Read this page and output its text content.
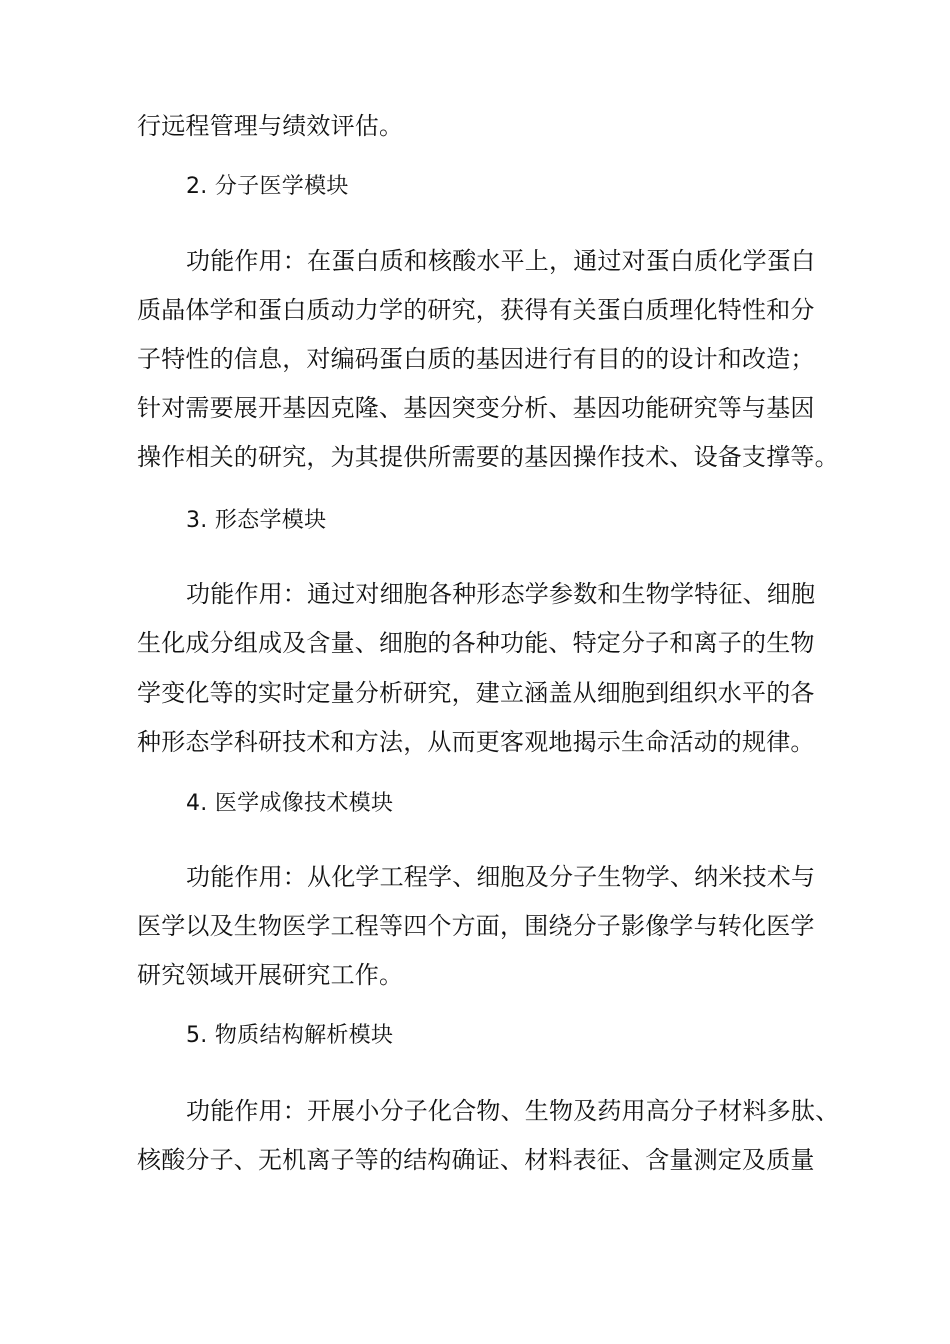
行远程管理与绩效评估。
2. 分子医学模块
功能作用：在蛋白质和核酸水平上，通过对蛋白质化学蛋白
质晶体学和蛋白质动力学的研究，获得有关蛋白质理化特性和分
子特性的信息，对编码蛋白质的基因进行有目的的设计和改造；
针对需要展开基因克隆、基因突变分析、基因功能研究等与基因
操作相关的研究，为其提供所需要的基因操作技术、设备支撑等。
3. 形态学模块
功能作用：通过对细胞各种形态学参数和生物学特征、细胞
生化成分组成及含量、细胞的各种功能、特定分子和离子的生物
学变化等的实时定量分析研究，建立涵盖从细胞到组织水平的各
种形态学科研技术和方法，从而更客观地揭示生命活动的规律。
4. 医学成像技术模块
功能作用：从化学工程学、细胞及分子生物学、纳米技术与
医学以及生物医学工程等四个方面，围绕分子影像学与转化医学
研究领域开展研究工作。
5. 物质结构解析模块
功能作用：开展小分子化合物、生物及药用高分子材料多肽、
核酸分子、无机离子等的结构确证、材料表征、含量测定及质量
